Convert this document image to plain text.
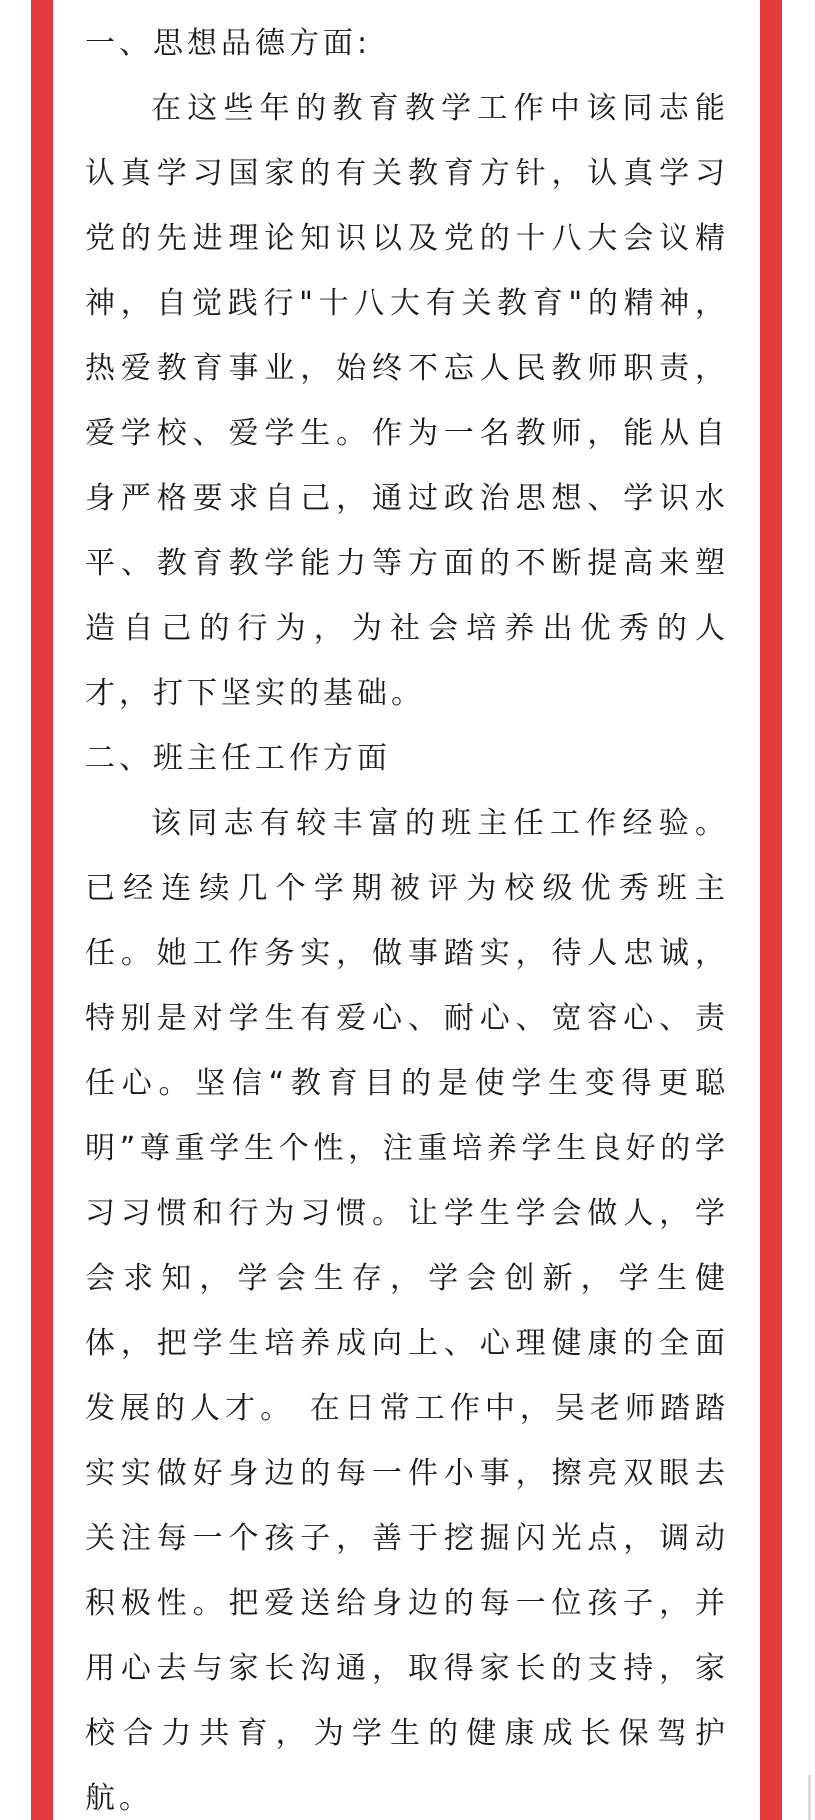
一、思想品德方面:
在这些年的教育教学工作中该同志能
认真学习国家的有关教育方针，认真学习
党的先进理论知识以及党的十八大会议精
神，自觉践行"十八大有关教育"的精神，
热爱教育事业，始终不忘人民教师职责，
爱学校、爱学生。作为一名教师，能从自
身严格要求自己，通过政治思想、学识水
平、教育教学能力等方面的不断提高来塑
造自己的行为，为社会培养出优秀的人
才，打下坚实的基础。
二、班主任工作方面
该同志有较丰富的班主任工作经验。
已经连续几个学期被评为校级优秀班主
任。她工作务实，做事踏实，待人忠诚，
特别是对学生有爱心、耐心、宽容心、责
任心。坚信“教育目的是使学生变得更聪
明”尊重学生个性，注重培养学生良好的学
习习惯和行为习惯。让学生学会做人，学
会求知，学会生存，学会创新，学生健
体，把学生培养成向上、心理健康的全面
发展的人才。 在日常工作中，吴老师踏踏
实实做好身边的每一件小事，擦亮双眼去
关注每一个孩子，善于挖掘闪光点，调动
积极性。把爱送给身边的每一位孩子，并
用心去与家长沟通，取得家长的支持，家
校合力共育，为学生的健康成长保驾护
航。
